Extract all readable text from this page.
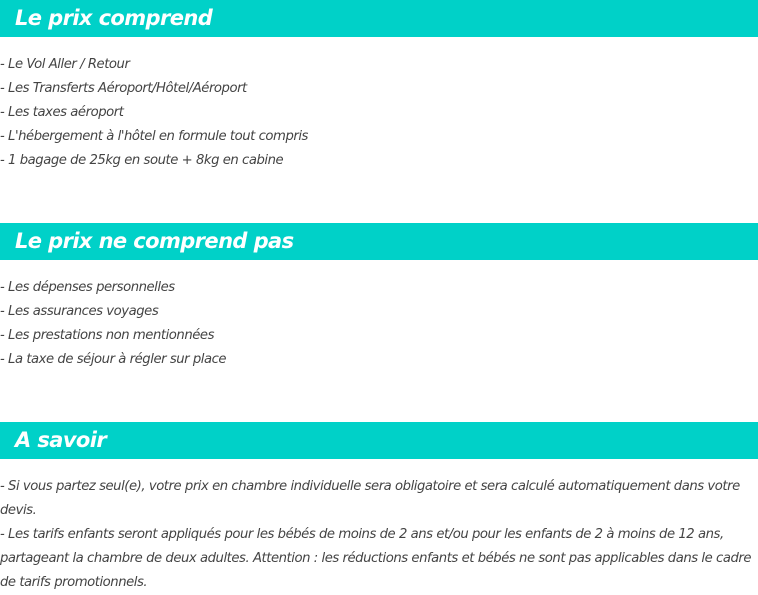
Le prix comprend
- Le Vol Aller / Retour
- Les Transferts Aéroport/Hôtel/Aéroport
- Les taxes aéroport
- L'hébergement à l'hôtel en formule tout compris
- 1 bagage de 25kg en soute + 8kg en cabine
Le prix ne comprend pas
- Les dépenses personnelles
- Les assurances voyages
- Les prestations non mentionnées
- La taxe de séjour à régler sur place
A savoir
- Si vous partez seul(e), votre prix en chambre individuelle sera obligatoire et sera calculé automatiquement dans votre devis.
- Les tarifs enfants seront appliqués pour les bébés de moins de 2 ans et/ou pour les enfants de 2 à moins de 12 ans, partageant la chambre de deux adultes. Attention : les réductions enfants et bébés ne sont pas applicables dans le cadre de tarifs promotionnels.
